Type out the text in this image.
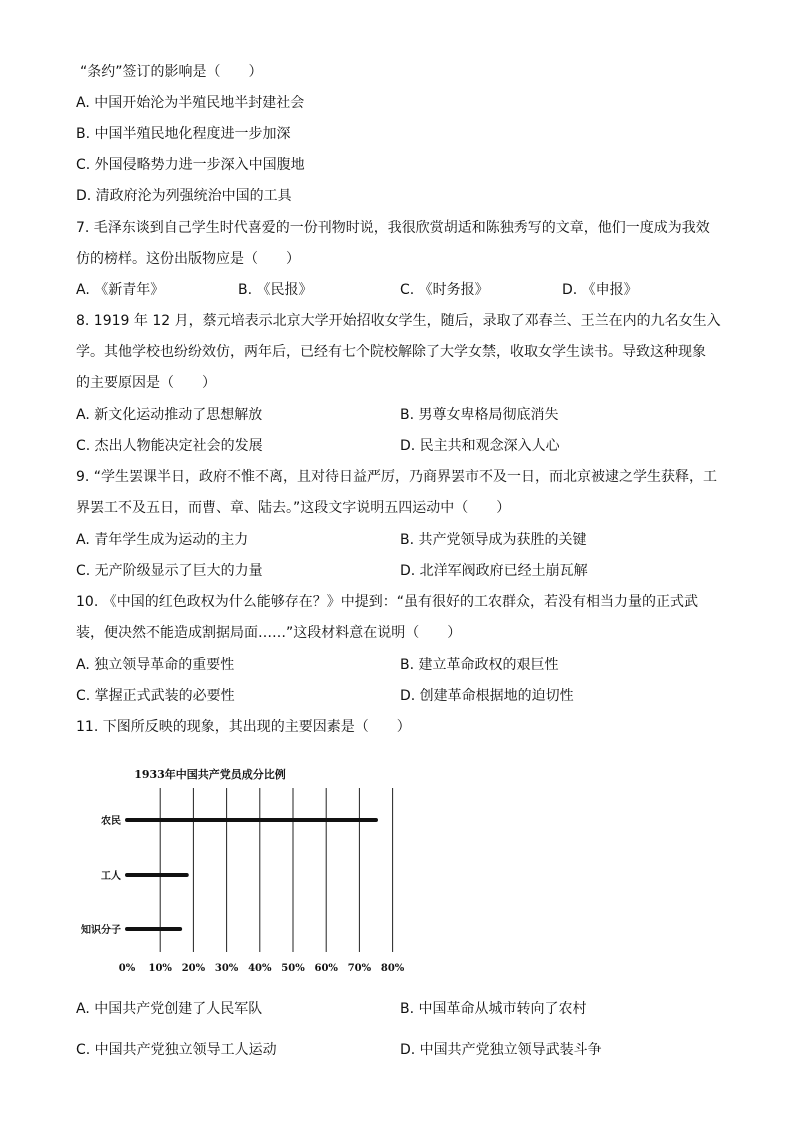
“条约”签订的影响是（　　）
A. 中国开始沦为半殖民地半封建社会
B. 中国半殖民地化程度进一步加深
C. 外国侵略势力进一步深入中国腹地
D. 清政府沦为列强统治中国的工具
7. 毛泽东谈到自己学生时代喜爱的一份刊物时说，我很欣赏胡适和陈独秀写的文章，他们一度成为我效
仿的榜样。这份出版物应是（　　）
A. 《新青年》	B. 《民报》	C. 《时务报》	D. 《申报》
8. 1919 年 12 月，蔡元培表示北京大学开始招收女学生，随后，录取了邓春兰、王兰在内的九名女生入
学。其他学校也纷纷效仿，两年后，已经有七个院校解除了大学女禁，收取女学生读书。导致这种现象
的主要原因是（　　）
A. 新文化运动推动了思想解放	B. 男尊女卑格局彻底消失
C. 杰出人物能决定社会的发展	D. 民主共和观念深入人心
9. “学生罢课半日，政府不惟不离，且对待日益严厉，乃商界罢市不及一日，而北京被逮之学生获释，工
界罢工不及五日，而曹、章、陆去。”这段文字说明五四运动中（　　）
A. 青年学生成为运动的主力	B. 共产党领导成为获胜的关键
C. 无产阶级显示了巨大的力量	D. 北洋军阀政府已经土崩瓦解
10. 《中国的红色政权为什么能够存在？》中提到：“虽有很好的工农群众，若没有相当力量的正式武
装，便决然不能造成割据局面……”这段材料意在说明（　　）
A. 独立领导革命的重要性	B. 建立革命政权的艰巨性
C. 掌握正式武装的必要性	D. 创建革命根据地的迫切性
11. 下图所反映的现象，其出现的主要因素是（　　）
1933年中国共产党员成分比例
农民
工人
知识分子
0% 10% 20% 30% 40% 50% 60% 70% 80%
A. 中国共产党创建了人民军队	B. 中国革命从城市转向了农村
C. 中国共产党独立领导工人运动	D. 中国共产党独立领导武装斗争
